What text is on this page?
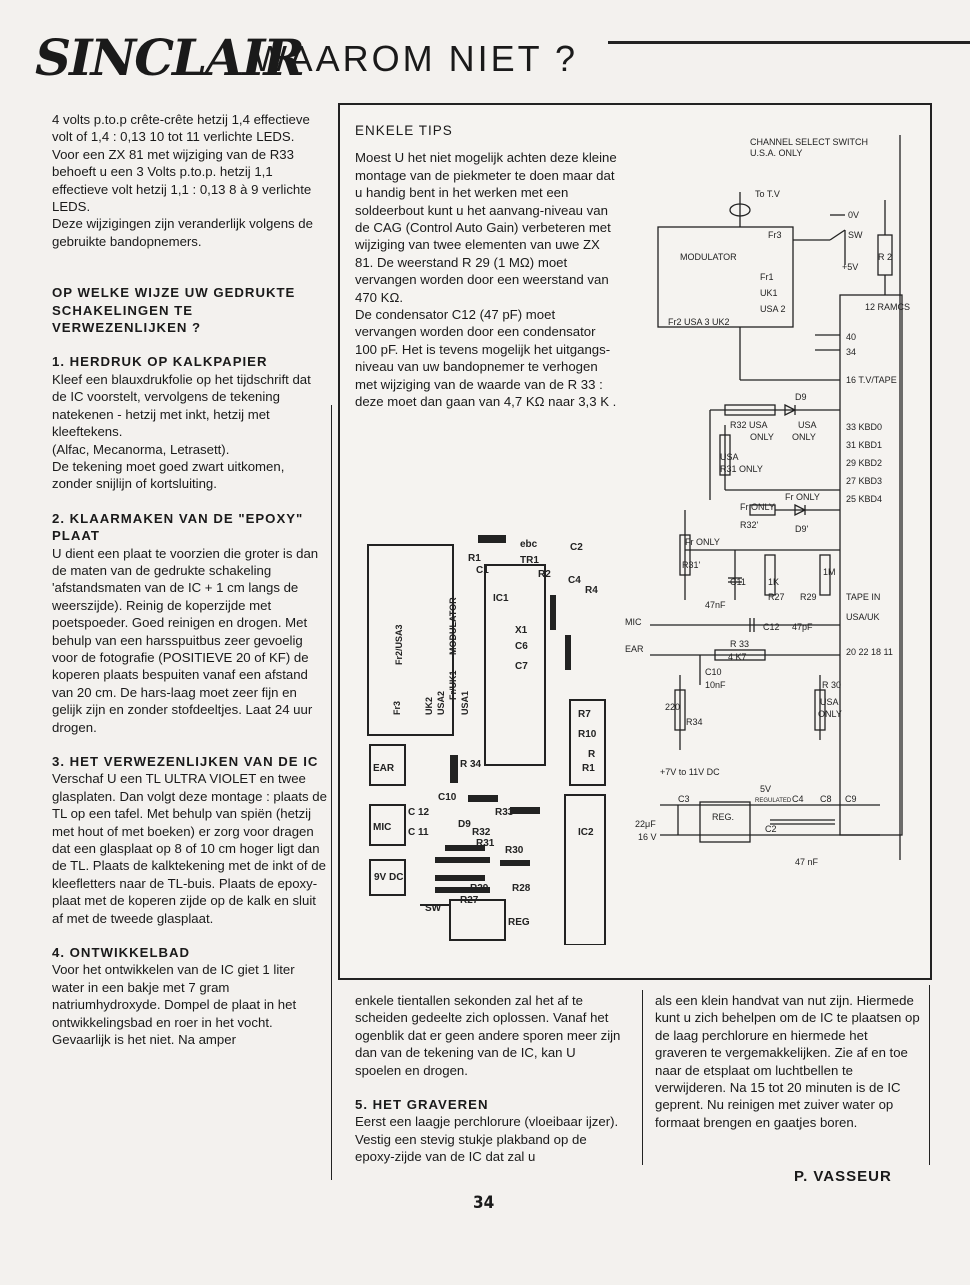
SINCLAIR
WAAROM NIET ?

4 volts p.to.p crête-crête hetzij 1,4 effectieve volt of 1,4 : 0,13 10 tot 11 verlichte LEDS.

Voor een ZX 81 met wijziging van de R33 behoeft u een 3 Volts p.to.p. hetzij 1,1 effectieve volt hetzij 1,1 : 0,13 8 à 9 verlichte LEDS.

Deze wijzigingen zijn veranderlijk volgens de gebruikte bandopnemers.

OP WELKE WIJZE UW GEDRUKTE SCHAKELINGEN TE VERWEZENLIJKEN ?
1. HERDRUK OP KALKPAPIER

Kleef een blauxdrukfolie op het tijdschrift dat de IC voorstelt, vervolgens de tekening natekenen - hetzij met inkt, hetzij met kleeftekens.

(Alfac, Mecanorma, Letrasett).

De tekening moet goed zwart uitkomen, zonder snijlijn of kortsluiting.

2. KLAARMAKEN VAN DE "EPOXY" PLAAT

U dient een plaat te voorzien die groter is dan de maten van de gedrukte schakeling 'afstandsmaten van de IC + 1 cm langs de weerszijde). Reinig de koperzijde met poetspoeder. Goed reinigen en drogen. Met behulp van een harsspuitbus zeer gevoelig voor de fotografie (POSITIEVE 20 of KF) de koperen plaats bespuiten vanaf een afstand van 20 cm. De hars-laag moet zeer fijn en gelijk zijn en zonder stofdeeltjes. Laat 24 uur drogen.

3. HET VERWEZENLIJKEN VAN DE IC

Verschaf U een TL ULTRA VIOLET en twee glasplaten. Dan volgt deze montage : plaats de TL op een tafel. Met behulp van spiën (hetzij met hout of met boeken) er zorg voor dragen dat een glasplaat op 8 of 10 cm hoger ligt dan de TL. Plaats de kalktekening met de inkt of de kleefletters naar de TL-buis. Plaats de epoxy-plaat met de koperen zijde op de kalk en sluit af met de tweede glasplaat.

4. ONTWIKKELBAD

Voor het ontwikkelen van de IC giet 1 liter water in een bakje met 7 gram natriumhydroxyde. Dompel de plaat in het ontwikkelingsbad en roer in het vocht. Gevaarlijk is het niet. Na amper

ENKELE TIPS

Moest U het niet mogelijk achten deze kleine montage van de piekmeter te doen maar dat u handig bent in het werken met een soldeerbout kunt u het aanvang-niveau van de CAG (Control Auto Gain) verbeteren met wijziging van twee elementen van uwe ZX 81. De weerstand R 29 (1 MΩ) moet vervangen worden door een weerstand van 470 KΩ.

De condensator C12 (47 pF) moet vervangen worden door een condensator 100 pF. Het is tevens mogelijk het uitgangs-niveau van uw bandopnemer te verhogen met wijziging van de waarde van de R 33 : deze moet dan gaan van 4,7 KΩ naar 3,3 K .

CHANNEL SELECT SWITCH
U.S.A. ONLY
To T.V
MODULATOR
Fr3
Fr1
UK1
USA 2
Fr2 USA 3 UK2
0V
SW
+5V
R 2
12 RAMCS
40
34
16 T.V/TAPE
D9
R32 USA
ONLY
USA
ONLY
33 KBD0
31 KBD1
29 KBD2
27 KBD3
25 KBD4
USA
R31 ONLY
Fr ONLY
Fr ONLY
R32'	D9'
Fr ONLY
R31'
C11
47nF
1K
R27 R29
1M
MIC	C12 47pF
EAR	R 33
4 K7
C10
10nF
TAPE IN
USA/UK
20 22 18 11
R34
220
R 30
USA
ONLY
+7V to 11V DC
5V
REGULATED C4 C8 C9
C3
REG.
C2
22μF
16 V
47 nF
R1
C1
TR1
ebc	C2
R2
C4
R4
IC1
X1
C6
C7
R7
R10
R
R1
EAR	R 34
MIC
C 12
C 11
C10
D9
R33
R32
R31
R30
IC2
9V DC
R29 R28
R27
SW
REG
Fr3
Fr2/USA3
UK2 USA2
Fr/UK1
USA1
MODULATOR

enkele tientallen sekonden zal het af te scheiden gedeelte zich oplossen. Vanaf het ogenblik dat er geen andere sporen meer zijn dan van de tekening van de IC, kan U spoelen en drogen.

5. HET GRAVEREN

Eerst een laagje perchlorure (vloeibaar ijzer). Vestig een stevig stukje plakband op de epoxy-zijde van de IC dat zal u

als een klein handvat van nut zijn. Hiermede kunt u zich behelpen om de IC te plaatsen op de laag perchlorure en hiermede het graveren te vergemakkelijken. Zie af en toe naar de etsplaat om luchtbellen te verwijderen. Na 15 tot 20 minuten is de IC geprent. Nu reinigen met zuiver water op formaat brengen en gaatjes boren.

P. VASSEUR
34
